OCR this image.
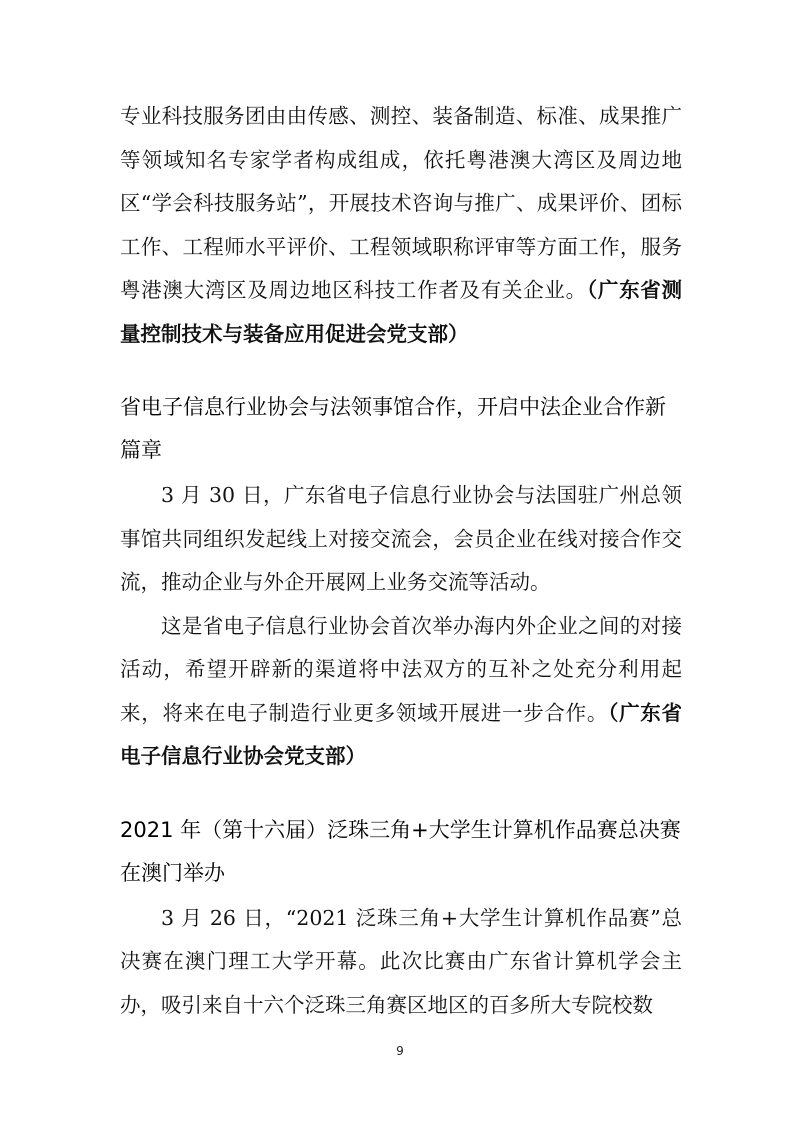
专业科技服务团由由传感、测控、装备制造、标准、成果推广等领域知名专家学者构成组成，依托粤港澳大湾区及周边地区“学会科技服务站”，开展技术咨询与推广、成果评价、团标工作、工程师水平评价、工程领域职称评审等方面工作，服务粤港澳大湾区及周边地区科技工作者及有关企业。（广东省测量控制技术与装备应用促进会党支部）

省电子信息行业协会与法领事馆合作，开启中法企业合作新篇章

3 月 30 日，广东省电子信息行业协会与法国驻广州总领事馆共同组织发起线上对接交流会，会员企业在线对接合作交流，推动企业与外企开展网上业务交流等活动。

这是省电子信息行业协会首次举办海内外企业之间的对接活动，希望开辟新的渠道将中法双方的互补之处充分利用起来，将来在电子制造行业更多领域开展进一步合作。（广东省电子信息行业协会党支部）

2021 年（第十六届）泛珠三角+大学生计算机作品赛总决赛在澳门举办

3 月 26 日，“2021 泛珠三角+大学生计算机作品赛”总决赛在澳门理工大学开幕。此次比赛由广东省计算机学会主办，吸引来自十六个泛珠三角赛区地区的百多所大专院校数

9
